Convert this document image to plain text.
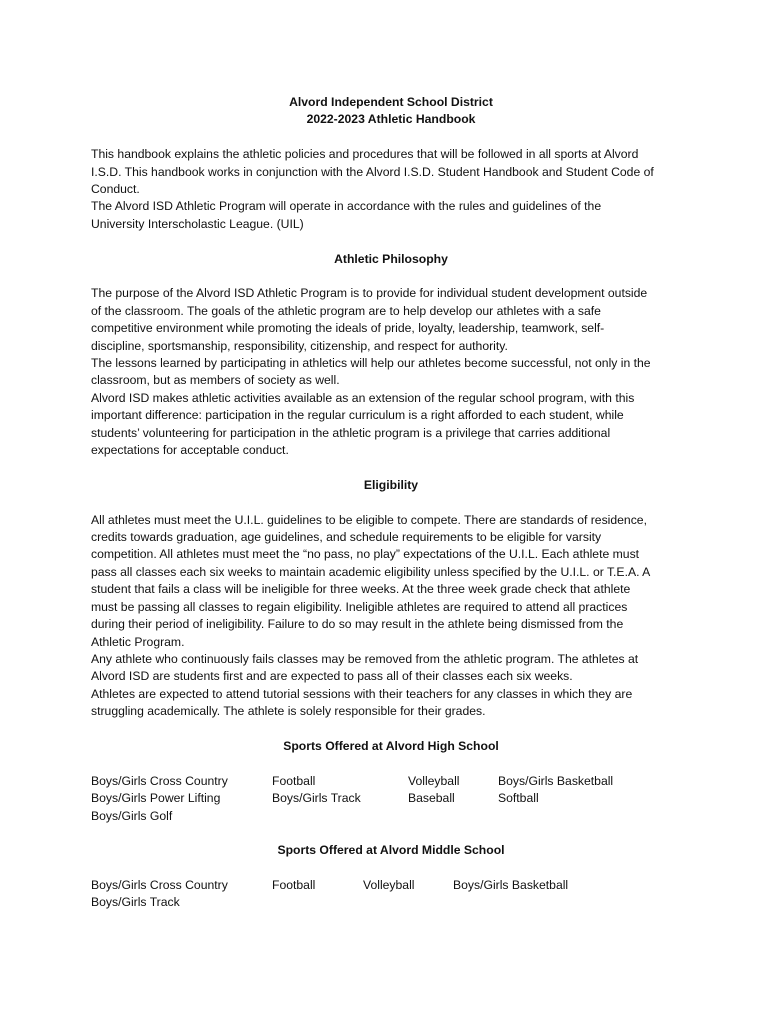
Alvord Independent School District
2022-2023 Athletic Handbook

This handbook explains the athletic policies and procedures that will be followed in all sports at Alvord
I.S.D. This handbook works in conjunction with the Alvord I.S.D. Student Handbook and Student Code of
Conduct.

The Alvord ISD Athletic Program will operate in accordance with the rules and guidelines of the
University Interscholastic League. (UIL)

Athletic Philosophy

The purpose of the Alvord ISD Athletic Program is to provide for individual student development outside
of the classroom. The goals of the athletic program are to help develop our athletes with a safe
competitive environment while promoting the ideals of pride, loyalty, leadership, teamwork, self-
discipline, sportsmanship, responsibility, citizenship, and respect for authority.

The lessons learned by participating in athletics will help our athletes become successful, not only in the
classroom, but as members of society as well.

Alvord ISD makes athletic activities available as an extension of the regular school program, with this
important difference: participation in the regular curriculum is a right afforded to each student, while
students’ volunteering for participation in the athletic program is a privilege that carries additional
expectations for acceptable conduct.

Eligibility

All athletes must meet the U.I.L. guidelines to be eligible to compete. There are standards of residence,
credits towards graduation, age guidelines, and schedule requirements to be eligible for varsity
competition. All athletes must meet the “no pass, no play” expectations of the U.I.L. Each athlete must
pass all classes each six weeks to maintain academic eligibility unless specified by the U.I.L. or T.E.A. A
student that fails a class will be ineligible for three weeks. At the three week grade check that athlete
must be passing all classes to regain eligibility. Ineligible athletes are required to attend all practices
during their period of ineligibility. Failure to do so may result in the athlete being dismissed from the
Athletic Program.

Any athlete who continuously fails classes may be removed from the athletic program. The athletes at
Alvord ISD are students first and are expected to pass all of their classes each six weeks.

Athletes are expected to attend tutorial sessions with their teachers for any classes in which they are
struggling academically. The athlete is solely responsible for their grades.

Sports Offered at Alvord High School
Boys/Girls Cross Country
Boys/Girls Power Lifting
Boys/Girls Golf
Football
Boys/Girls Track
Volleyball
Baseball
Boys/Girls Basketball
Softball
Sports Offered at Alvord Middle School
Boys/Girls Cross Country
Boys/Girls Track
Football	Volleyball	Boys/Girls Basketball
